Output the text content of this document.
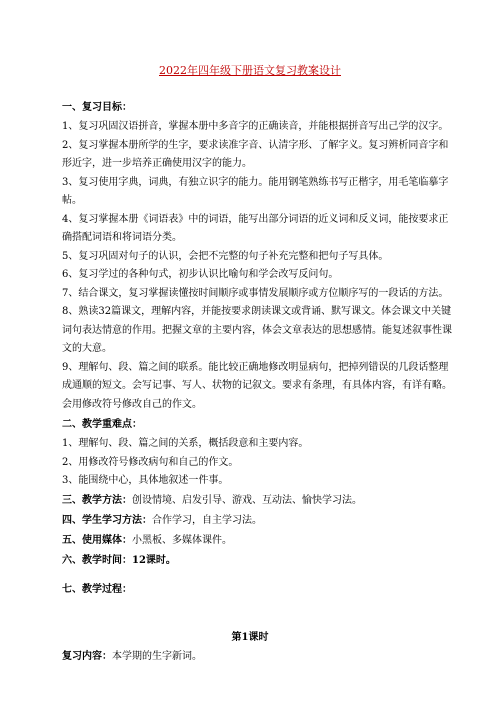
2022年四年级下册语文复习教案设计
一、复习目标：
1、复习巩固汉语拼音，掌握本册中多音字的正确读音，并能根据拼音写出己学的汉字。
2、复习掌握本册所学的生字，要求读准字音、认清字形、了解字义。复习辨析同音字和
形近字，进一步培养正确使用汉字的能力。
3、复习使用字典，词典，有独立识字的能力。能用钢笔熟练书写正楷字，用毛笔临摹字
帖。
4、复习掌握本册《词语表》中的词语，能写出部分词语的近义词和反义词，能按要求正
确搭配词语和将词语分类。
5、复习巩固对句子的认识，会把不完整的句子补充完整和把句子写具体。
6、复习学过的各种句式，初步认识比喻句和学会改写反问句。
7、结合课文，复习掌握读懂按时间顺序或事情发展顺序或方位顺序写的一段话的方法。
8、熟读32篇课文，理解内容，并能按要求朗读课文或背诵、默写课文。体会课文中关键
词句表达情意的作用。把握文章的主要内容，体会文章表达的思想感情。能复述叙事性课
文的大意。
9、理解句、段、篇之间的联系。能比较正确地修改明显病句，把掉列错误的几段话整理
成通顺的短文。会写记事、写人、状物的记叙文。要求有条理，有具体内容，有详有略。
会用修改符号修改自己的作文。
二、教学重难点：
1、理解句、段、篇之间的关系，概括段意和主要内容。
2、用修改符号修改病句和自己的作文。
3、能围绕中心，具体地叙述一件事。
三、教学方法：创设情境、启发引导、游戏、互动法、愉快学习法。
四、学生学习方法：合作学习，自主学习法。
五、使用媒体：小黑板、多媒体课件。
六、教学时间：12课时。
七、教学过程：
第1课时
复习内容：本学期的生字新词。
